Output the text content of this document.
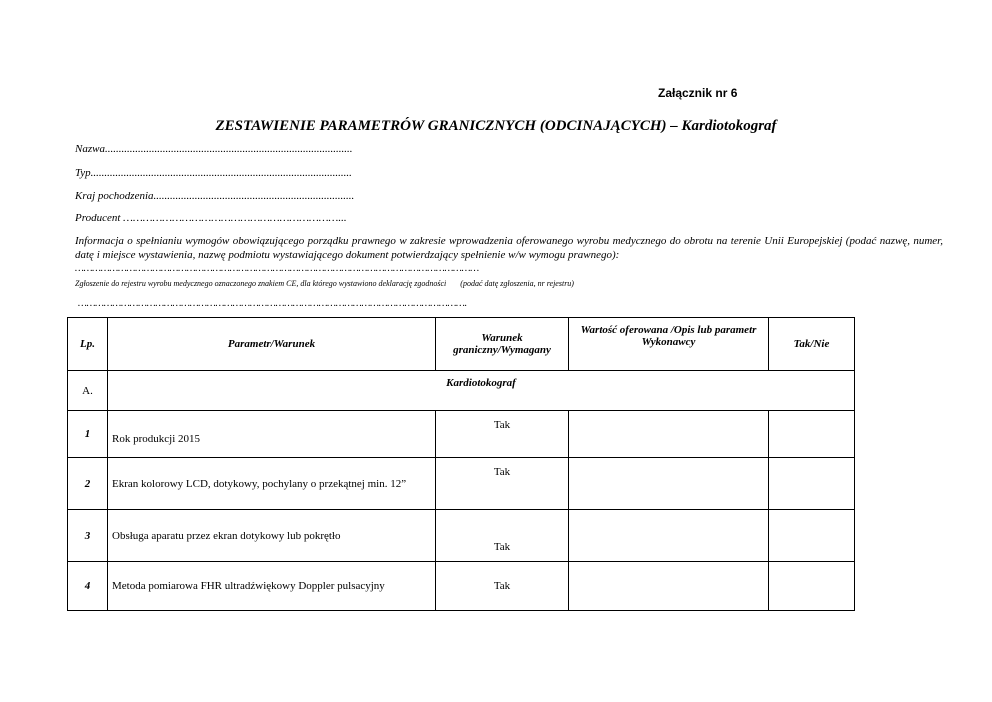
Załącznik nr 6
ZESTAWIENIE PARAMETRÓW GRANICZNYCH (ODCINAJĄCYCH) – Kardiotokograf
Nazwa..........................................................................................
Typ...............................................................................................
Kraj pochodzenia.........................................................................
Producent …………………………………………………………...
Informacja o spełnianiu wymogów obowiązującego porządku prawnego w zakresie wprowadzenia oferowanego wyrobu medycznego do obrotu na terenie Unii Europejskiej (podać nazwę, numer, datę i miejsce wystawienia, nazwę podmiotu wystawiającego dokument potwierdzający spełnienie w/w wymogu prawnego):
……………………………………………………………………………………………………………………………
Zgłoszenie do rejestru wyrobu medycznego oznaczonego znakiem CE, dla którego wystawiono deklarację zgodności (podać datę zgłoszenia, nr rejestru)
……………………………………………………………………………………………………………………….
Lp.	Parametr/Warunek	Warunek graniczny/Wymagany	Wartość oferowana /Opis lub parametr Wykonawcy	Tak/Nie
A.	Kardiotokograf			
1	Rok produkcji 2015	Tak		
2	Ekran kolorowy LCD, dotykowy, pochylany o przekątnej min. 12”	Tak		
3	Obsługa aparatu przez ekran dotykowy lub pokrętło	Tak		
4	Metoda pomiarowa FHR ultradźwiękowy Doppler pulsacyjny	Tak		
